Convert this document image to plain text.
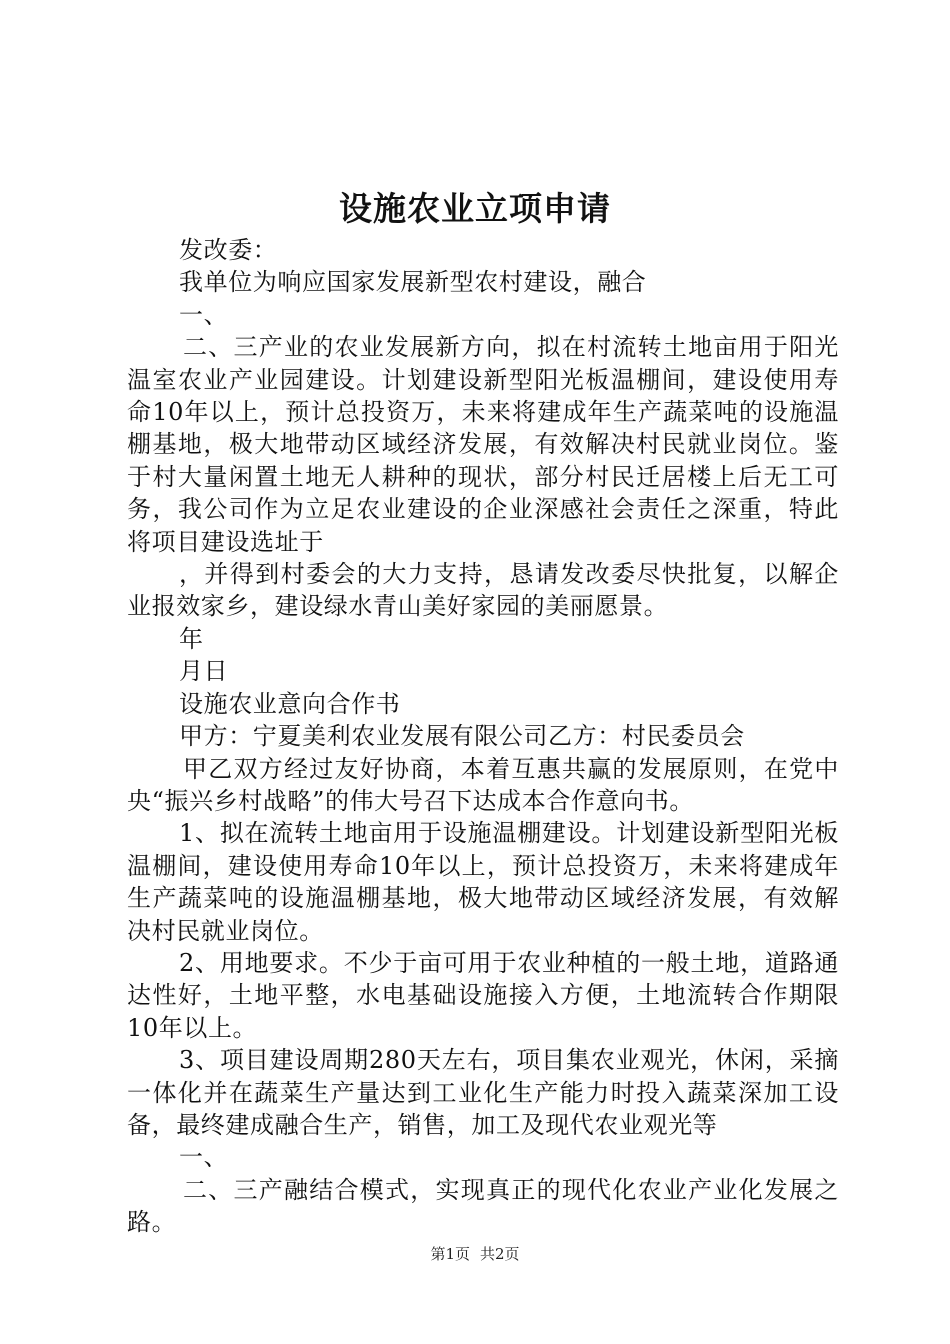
设施农业立项申请

发改委：

我单位为响应国家发展新型农村建设，融合

一、

二、三产业的农业发展新方向，拟在村流转土地亩用于阳光温室农业产业园建设。计划建设新型阳光板温棚间，建设使用寿命10年以上，预计总投资万，未来将建成年生产蔬菜吨的设施温棚基地，极大地带动区域经济发展，有效解决村民就业岗位。鉴于村大量闲置土地无人耕种的现状，部分村民迁居楼上后无工可务，我公司作为立足农业建设的企业深感社会责任之深重，特此将项目建设选址于

，并得到村委会的大力支持，恳请发改委尽快批复，以解企业报效家乡，建设绿水青山美好家园的美丽愿景。

年

月日

设施农业意向合作书

甲方：宁夏美利农业发展有限公司乙方：村民委员会

甲乙双方经过友好协商，本着互惠共赢的发展原则，在党中央“振兴乡村战略”的伟大号召下达成本合作意向书。

1、拟在流转土地亩用于设施温棚建设。计划建设新型阳光板温棚间，建设使用寿命10年以上，预计总投资万，未来将建成年生产蔬菜吨的设施温棚基地，极大地带动区域经济发展，有效解决村民就业岗位。

2、用地要求。不少于亩可用于农业种植的一般土地，道路通达性好，土地平整，水电基础设施接入方便，土地流转合作期限10年以上。

3、项目建设周期280天左右，项目集农业观光，休闲，采摘一体化并在蔬菜生产量达到工业化生产能力时投入蔬菜深加工设备，最终建成融合生产，销售，加工及现代农业观光等

一、

二、三产融结合模式，实现真正的现代化农业产业化发展之路。

第1页 共2页
